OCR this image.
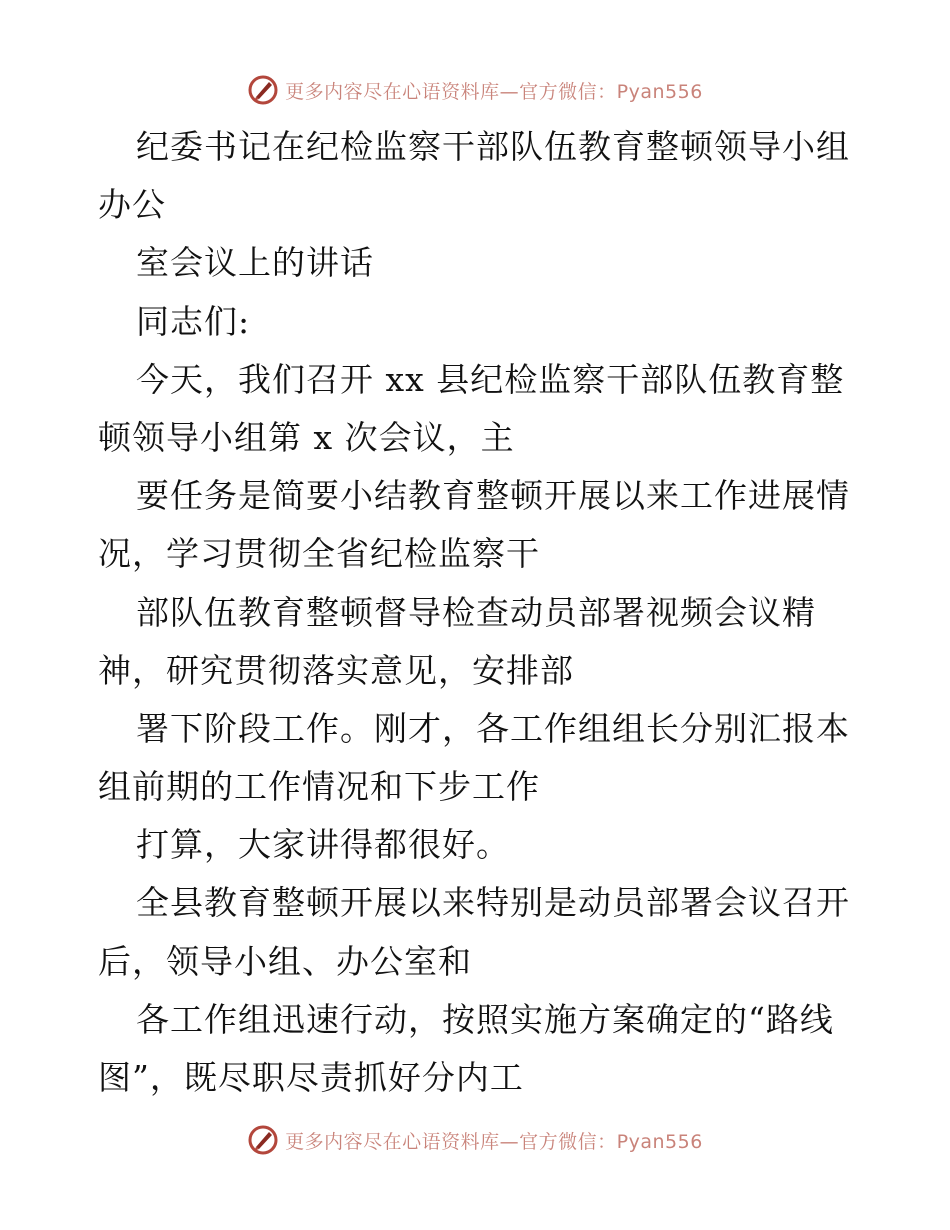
更多内容尽在心语资料库—官方微信：Pyan556
纪委书记在纪检监察干部队伍教育整顿领导小组
办公
室会议上的讲话
同志们:
今天，我们召开 xx 县纪检监察干部队伍教育整
顿领导小组第 x 次会议，主
要任务是简要小结教育整顿开展以来工作进展情
况，学习贯彻全省纪检监察干
部队伍教育整顿督导检查动员部署视频会议精
神，研究贯彻落实意见，安排部
署下阶段工作。刚才，各工作组组长分别汇报本
组前期的工作情况和下步工作
打算，大家讲得都很好。
全县教育整顿开展以来特别是动员部署会议召开
后，领导小组、办公室和
各工作组迅速行动，按照实施方案确定的“路线
图”，既尽职尽责抓好分内工
更多内容尽在心语资料库—官方微信：Pyan556
